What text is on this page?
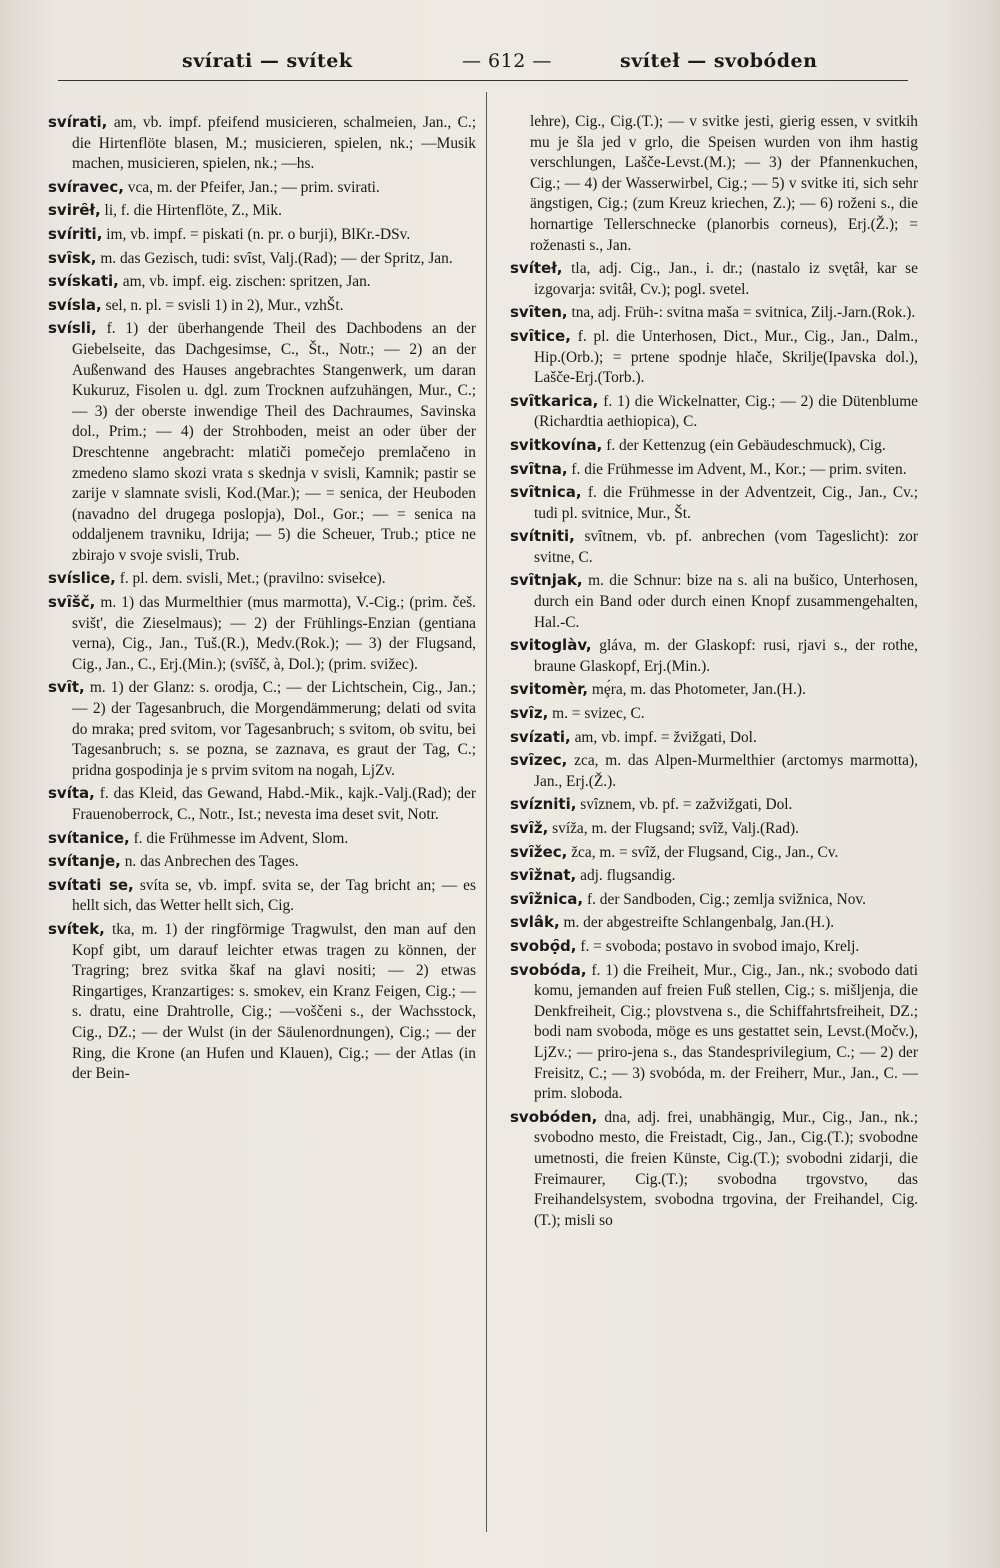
svírati — svítek	— 612 —	svíteł — svobóden

svírati, am, vb. impf. pfeifend musicieren, schalmeien, Jan., C.; die Hirtenflöte blasen, M.; musicieren, spielen, nk.; —Musik machen, musicieren, spielen, nk.; —hs.

svíravec, vca, m. der Pfeifer, Jan.; — prim. svirati.

svirȇł, li, f. die Hirtenflöte, Z., Mik.

svíriti, im, vb. impf. = piskati (n. pr. o burji), BlKr.-DSv.

svȋsk, m. das Gezisch, tudi: svȋst, Valj.(Rad); — der Spritz, Jan.

svískati, am, vb. impf. eig. zischen: spritzen, Jan.

svísla, sel, n. pl. = svisli 1) in 2), Mur., vzhŠt.

svísli, f. 1) der überhangende Theil des Dachbodens an der Giebelseite, das Dachgesimse, C., Št., Notr.; — 2) an der Außenwand des Hauses angebrachtes Stangenwerk, um daran Kukuruz, Fisolen u. dgl. zum Trocknen aufzuhängen, Mur., C.; — 3) der oberste inwendige Theil des Dachraumes, Savinska dol., Prim.; — 4) der Strohboden, meist an oder über der Dreschtenne angebracht: mlatiči pomečejo premlačeno in zmedeno slamo skozi vrata s skednja v svisli, Kamnik; pastir se zarije v slamnate svisli, Kod.(Mar.); — = senica, der Heuboden (navadno del drugega poslopja), Dol., Gor.; — = senica na oddaljenem travniku, Idrija; — 5) die Scheuer, Trub.; ptice ne zbirajo v svoje svisli, Trub.

svíslice, f. pl. dem. svisli, Met.; (pravilno: svisełce).

svȋšč, m. 1) das Murmelthier (mus marmotta), V.-Cig.; (prim. češ. svišt', die Zieselmaus); — 2) der Frühlings-Enzian (gentiana verna), Cig., Jan., Tuš.(R.), Medv.(Rok.); — 3) der Flugsand, Cig., Jan., C., Erj.(Min.); (svȋšč, à, Dol.); (prim. svižec).

svȋt, m. 1) der Glanz: s. orodja, C.; — der Lichtschein, Cig., Jan.; — 2) der Tagesanbruch, die Morgendämmerung; delati od svita do mraka; pred svitom, vor Tagesanbruch; s svitom, ob svitu, bei Tagesanbruch; s. se pozna, se zaznava, es graut der Tag, C.; pridna gospodinja je s prvim svitom na nogah, LjZv.

svíta, f. das Kleid, das Gewand, Habd.-Mik., kajk.-Valj.(Rad); der Frauenoberrock, C., Notr., Ist.; nevesta ima deset svit, Notr.

svítanice, f. die Frühmesse im Advent, Slom.

svítanje, n. das Anbrechen des Tages.

svítati se, svíta se, vb. impf. svita se, der Tag bricht an; — es hellt sich, das Wetter hellt sich, Cig.

svítek, tka, m. 1) der ringförmige Tragwulst, den man auf den Kopf gibt, um darauf leichter etwas tragen zu können, der Tragring; brez svitka škaf na glavi nositi; — 2) etwas Ringartiges, Kranzartiges: s. smokev, ein Kranz Feigen, Cig.; — s. dratu, eine Drahtrolle, Cig.; —voščeni s., der Wachsstock, Cig., DZ.; — der Wulst (in der Säulenordnungen), Cig.; — der Ring, die Krone (an Hufen und Klauen), Cig.; — der Atlas (in der Bein-

lehre), Cig., Cig.(T.); — v svitke jesti, gierig essen, v svitkih mu je šla jed v grlo, die Speisen wurden von ihm hastig verschlungen, Lašče-Levst.(M.); — 3) der Pfannenkuchen, Cig.; — 4) der Wasserwirbel, Cig.; — 5) v svitke iti, sich sehr ängstigen, Cig.; (zum Kreuz kriechen, Z.); — 6) roženi s., die hornartige Tellerschnecke (planorbis corneus), Erj.(Ž.); = roženasti s., Jan.

svíteł, tla, adj. Cig., Jan., i. dr.; (nastalo iz svętâł, kar se izgovarja: svitâł, Cv.); pogl. svetel.

svȋten, tna, adj. Früh-: svitna maša = svitnica, Zilj.-Jarn.(Rok.).

svȋtice, f. pl. die Unterhosen, Dict., Mur., Cig., Jan., Dalm., Hip.(Orb.); = prtene spodnje hlače, Skrilje(Ipavska dol.), Lašče-Erj.(Torb.).

svȋtkarica, f. 1) die Wickelnatter, Cig.; — 2) die Dütenblume (Richardtia aethiopica), C.

svitkovína, f. der Kettenzug (ein Gebäudeschmuck), Cig.

svȋtna, f. die Frühmesse im Advent, M., Kor.; — prim. sviten.

svȋtnica, f. die Frühmesse in der Adventzeit, Cig., Jan., Cv.; tudi pl. svitnice, Mur., Št.

svítniti, svȋtnem, vb. pf. anbrechen (vom Tageslicht): zor svitne, C.

svȋtnjak, m. die Schnur: bize na s. ali na bušico, Unterhosen, durch ein Band oder durch einen Knopf zusammengehalten, Hal.-C.

svitoglàv, gláva, m. der Glaskopf: rusi, rjavi s., der rothe, braune Glaskopf, Erj.(Min.).

svitomèr, mȩ́ra, m. das Photometer, Jan.(H.).

svȋz, m. = svizec, C.

svízati, am, vb. impf. = žvižgati, Dol.

svȋzec, zca, m. das Alpen-Murmelthier (arctomys marmotta), Jan., Erj.(Ž.).

svízniti, svȋznem, vb. pf. = zažvižgati, Dol.

svȋž, svíža, m. der Flugsand; svȋž, Valj.(Rad).

svȋžec, žca, m. = svȋž, der Flugsand, Cig., Jan., Cv.

svȋžnat, adj. flugsandig.

svȋžnica, f. der Sandboden, Cig.; zemlja svižnica, Nov.

svlâk, m. der abgestreifte Schlangenbalg, Jan.(H.).

svobọ̑d, f. = svoboda; postavo in svobod imajo, Krelj.

svobóda, f. 1) die Freiheit, Mur., Cig., Jan., nk.; svobodo dati komu, jemanden auf freien Fuß stellen, Cig.; s. mišljenja, die Denkfreiheit, Cig.; plovstvena s., die Schiffahrtsfreiheit, DZ.; bodi nam svoboda, möge es uns gestattet sein, Levst.(Močv.), LjZv.; — priro-jena s., das Standesprivilegium, C.; — 2) der Freisitz, C.; — 3) svobóda, m. der Freiherr, Mur., Jan., C. — prim. sloboda.

svobóden, dna, adj. frei, unabhängig, Mur., Cig., Jan., nk.; svobodno mesto, die Freistadt, Cig., Jan., Cig.(T.); svobodne umetnosti, die freien Künste, Cig.(T.); svobodni zidarji, die Freimaurer, Cig.(T.); svobodna trgovstvo, das Freihandelsystem, svobodna trgovina, der Freihandel, Cig.(T.); misli so
